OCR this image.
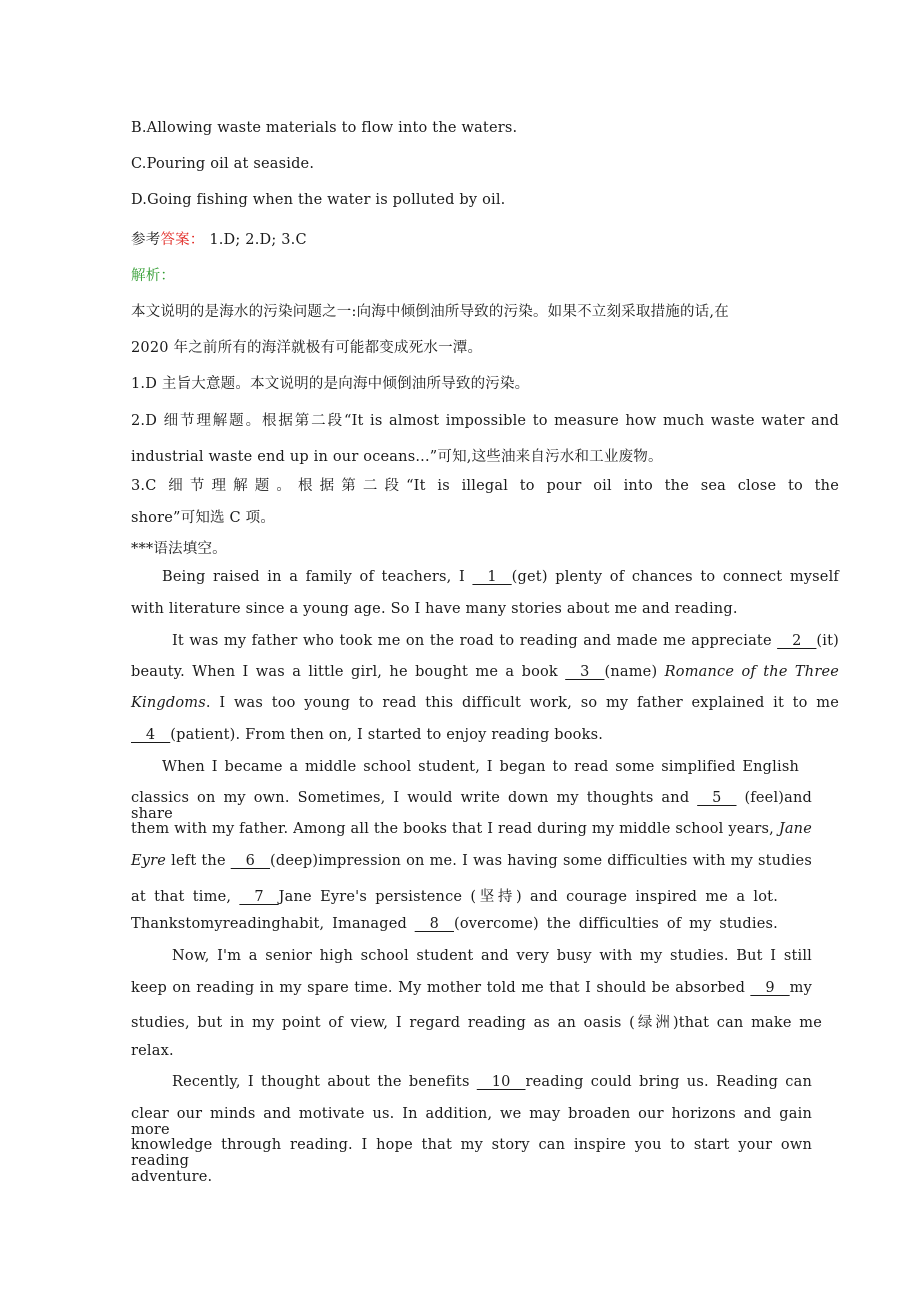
B.Allowing waste materials to flow into the waters.
C.Pouring oil at seaside.
D.Going fishing when the water is polluted by oil.
参考答案： 1.D; 2.D; 3.C
解析：
本文说明的是海水的污染问题之一:向海中倾倒油所导致的污染。如果不立刻采取措施的话,在
2020 年之前所有的海洋就极有可能都变成死水一潭。
1.D 主旨大意题。本文说明的是向海中倾倒油所导致的污染。
2.D 细节理解题。根据第二段“It is almost impossible to measure how much waste water and
industrial waste end up in our oceans...”可知,这些油来自污水和工业废物。
3.C 细节理解题。根据第二段“It is illegal to pour oil into the sea close to the
shore”可知选 C 项。
***语法填空。
Being raised in a family of teachers, I __1__(get) plenty of chances to connect myself
with literature since a young age. So I have many stories about me and reading.
It was my father who took me on the road to reading and made me appreciate __2__(it)
beauty. When I was a little girl, he bought me a book __3__(name) Romance of the Three
Kingdoms. I was too young to read this difficult work, so my father explained it to me
__4__(patient). From then on, I started to enjoy reading books.
When I became a middle school student, I began to read some simplified English
classics on my own. Sometimes, I would write down my thoughts and __5__ (feel)and share
them with my father. Among all the books that I read during my middle school years, Jane
Eyre left the __6__(deep)impression on me. I was having some difficulties with my studies
at that time, __7__Jane Eyre's persistence (坚持) and courage inspired me a lot.
Thankstomyreadinghabit, Imanaged __8__(overcome) the difficulties of my studies.
Now, I'm a senior high school student and very busy with my studies. But I still
keep on reading in my spare time. My mother told me that I should be absorbed __9__my
studies, but in my point of view, I regard reading as an oasis (绿洲)that can make me
relax.
Recently, I thought about the benefits __10__reading could bring us. Reading can
clear our minds and motivate us. In addition, we may broaden our horizons and gain more
knowledge through reading. I hope that my story can inspire you to start your own reading
adventure.
